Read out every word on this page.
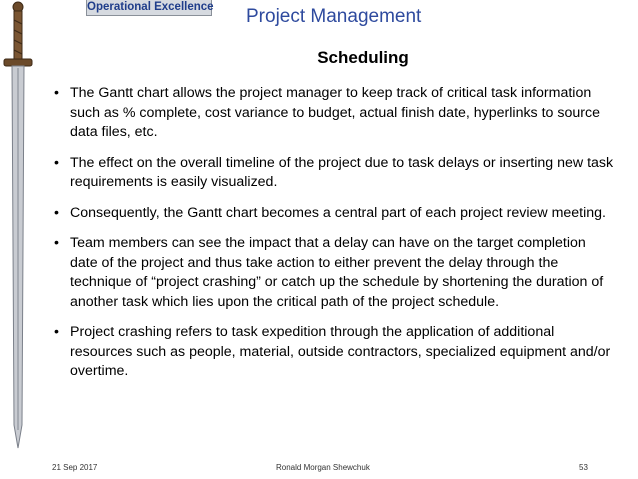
Operational Excellence Project Management
Scheduling
• The Gantt chart allows the project manager to keep track of critical task information such as % complete, cost variance to budget, actual finish date, hyperlinks to source data files, etc.
• The effect on the overall timeline of the project due to task delays or inserting new task requirements is easily visualized.
• Consequently, the Gantt chart becomes a central part of each project review meeting.
• Team members can see the impact that a delay can have on the target completion date of the project and thus take action to either prevent the delay through the technique of “project crashing” or catch up the schedule by shortening the duration of another task which lies upon the critical path of the project schedule.
• Project crashing refers to task expedition through the application of additional resources such as people, material, outside contractors, specialized equipment and/or overtime.
21 Sep 2017	Ronald Morgan Shewchuk	53
